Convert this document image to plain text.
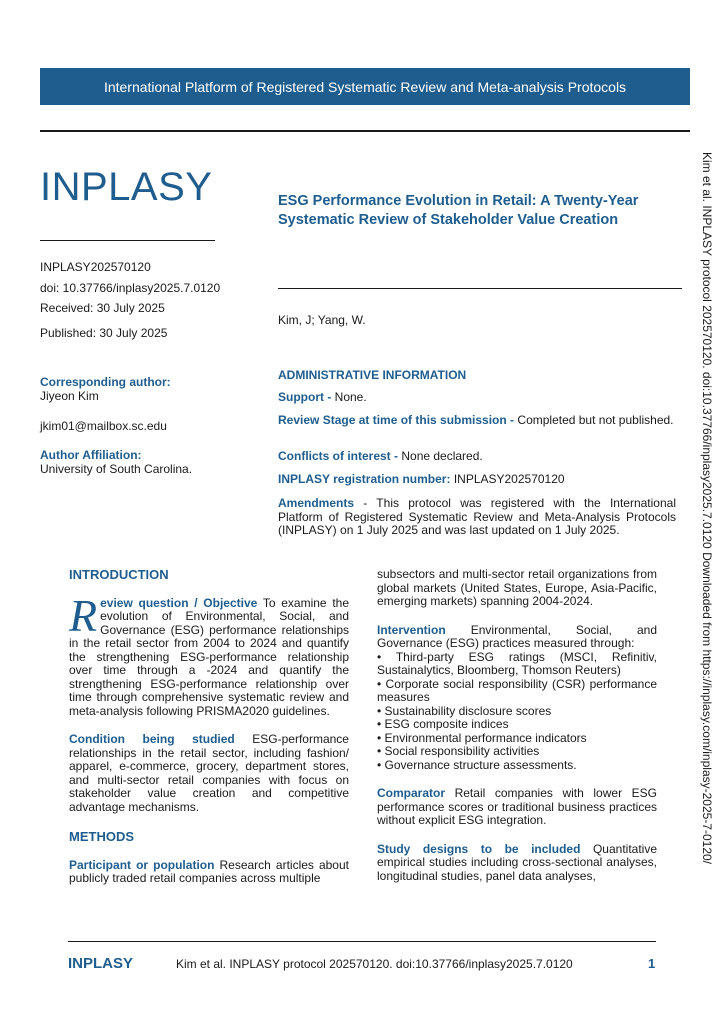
International Platform of Registered Systematic Review and Meta-analysis Protocols
Kim et al. INPLASY protocol 202570120. doi:10.37766/inplasy2025.7.0120 Downloaded from https://inplasy.com/inplasy-2025-7-0120/
INPLASY
INPLASY202570120
doi: 10.37766/inplasy2025.7.0120
Received: 30 July 2025
Published: 30 July 2025
Corresponding author:
Jiyeon Kim
jkim01@mailbox.sc.edu
Author Affiliation:
University of South Carolina.
ESG Performance Evolution in Retail: A Twenty-Year Systematic Review of Stakeholder Value Creation
Kim, J; Yang, W.
ADMINISTRATIVE INFORMATION
Support - None.
Review Stage at time of this submission - Completed but not published.
Conflicts of interest - None declared.
INPLASY registration number: INPLASY202570120
Amendments - This protocol was registered with the International Platform of Registered Systematic Review and Meta-Analysis Protocols (INPLASY) on 1 July 2025 and was last updated on 1 July 2025.
INTRODUCTION
Review question / Objective To examine the evolution of Environmental, Social, and Governance (ESG) performance relationships in the retail sector from 2004 to 2024 and quantify the strengthening ESG-performance relationship over time through a -2024 and quantify the strengthening ESG-performance relationship over time through comprehensive systematic review and meta-analysis following PRISMA2020 guidelines.
Condition being studied ESG-performance relationships in the retail sector, including fashion/ apparel, e-commerce, grocery, department stores, and multi-sector retail companies with focus on stakeholder value creation and competitive advantage mechanisms.
METHODS
Participant or population Research articles about publicly traded retail companies across multiple
subsectors and multi-sector retail organizations from global markets (United States, Europe, Asia-Pacific, emerging markets) spanning 2004-2024.
Intervention Environmental, Social, and Governance (ESG) practices measured through:
• Third-party ESG ratings (MSCI, Refinitiv, Sustainalytics, Bloomberg, Thomson Reuters)
• Corporate social responsibility (CSR) performance measures
• Sustainability disclosure scores
• ESG composite indices
• Environmental performance indicators
• Social responsibility activities
• Governance structure assessments.
Comparator Retail companies with lower ESG performance scores or traditional business practices without explicit ESG integration.
Study designs to be included Quantitative empirical studies including cross-sectional analyses, longitudinal studies, panel data analyses,
INPLASY	Kim et al. INPLASY protocol 202570120. doi:10.37766/inplasy2025.7.0120	1
